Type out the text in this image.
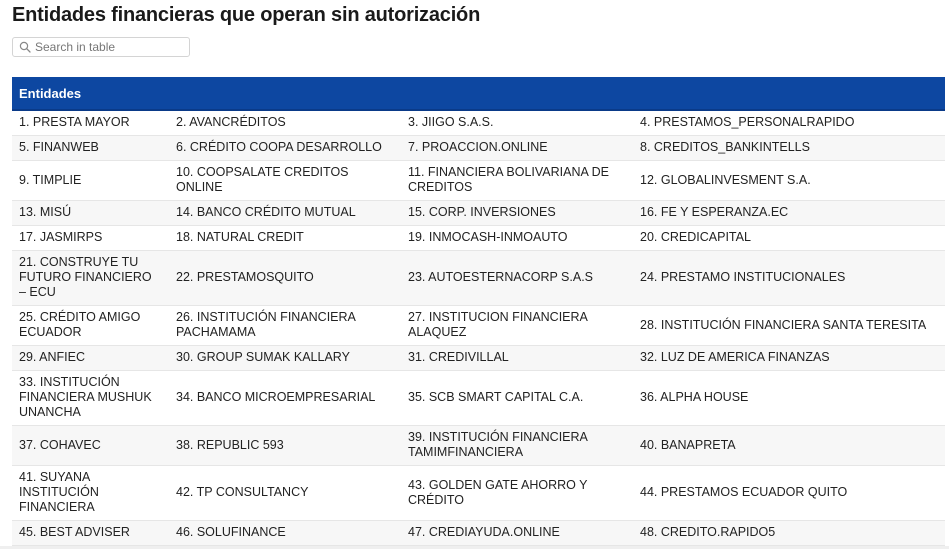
Entidades financieras que operan sin autorización
Search in table
Entidades			
1. PRESTA MAYOR	2. AVANCRÉDITOS	3. JIIGO S.A.S.	4. PRESTAMOS_PERSONALRAPIDO
5. FINANWEB	6. CRÉDITO COOPA DESARROLLO	7. PROACCION.ONLINE	8. CREDITOS_BANKINTELLS
9. TIMPLIE	10. COOPSALATE CREDITOS ONLINE	11. FINANCIERA BOLIVARIANA DE CREDITOS	12. GLOBALINVESMENT S.A.
13. MISÚ	14. BANCO CRÉDITO MUTUAL	15. CORP. INVERSIONES	16. FE Y ESPERANZA.EC
17. JASMIRPS	18. NATURAL CREDIT	19. INMOCASH-INMOAUTO	20. CREDICAPITAL
21. CONSTRUYE TU FUTURO FINANCIERO – ECU	22. PRESTAMOSQUITO	23. AUTOESTERNACORP S.A.S	24. PRESTAMO INSTITUCIONALES
25. CRÉDITO AMIGO ECUADOR	26. INSTITUCIÓN FINANCIERA PACHAMAMA	27. INSTITUCION FINANCIERA ALAQUEZ	28. INSTITUCIÓN FINANCIERA SANTA TERESITA
29. ANFIEC	30. GROUP SUMAK KALLARY	31. CREDIVILLAL	32. LUZ DE AMERICA FINANZAS
33. INSTITUCIÓN FINANCIERA MUSHUK UNANCHA	34. BANCO MICROEMPRESARIAL	35. SCB SMART CAPITAL C.A.	36. ALPHA HOUSE
37. COHAVEC	38. REPUBLIC 593	39. INSTITUCIÓN FINANCIERA TAMIMFINANCIERA	40. BANAPRETA
41. SUYANA INSTITUCIÓN FINANCIERA	42. TP CONSULTANCY	43. GOLDEN GATE AHORRO Y CRÉDITO	44. PRESTAMOS ECUADOR QUITO
45. BEST ADVISER	46. SOLUFINANCE	47. CREDIAYUDA.ONLINE	48. CREDITO.RAPIDO5
